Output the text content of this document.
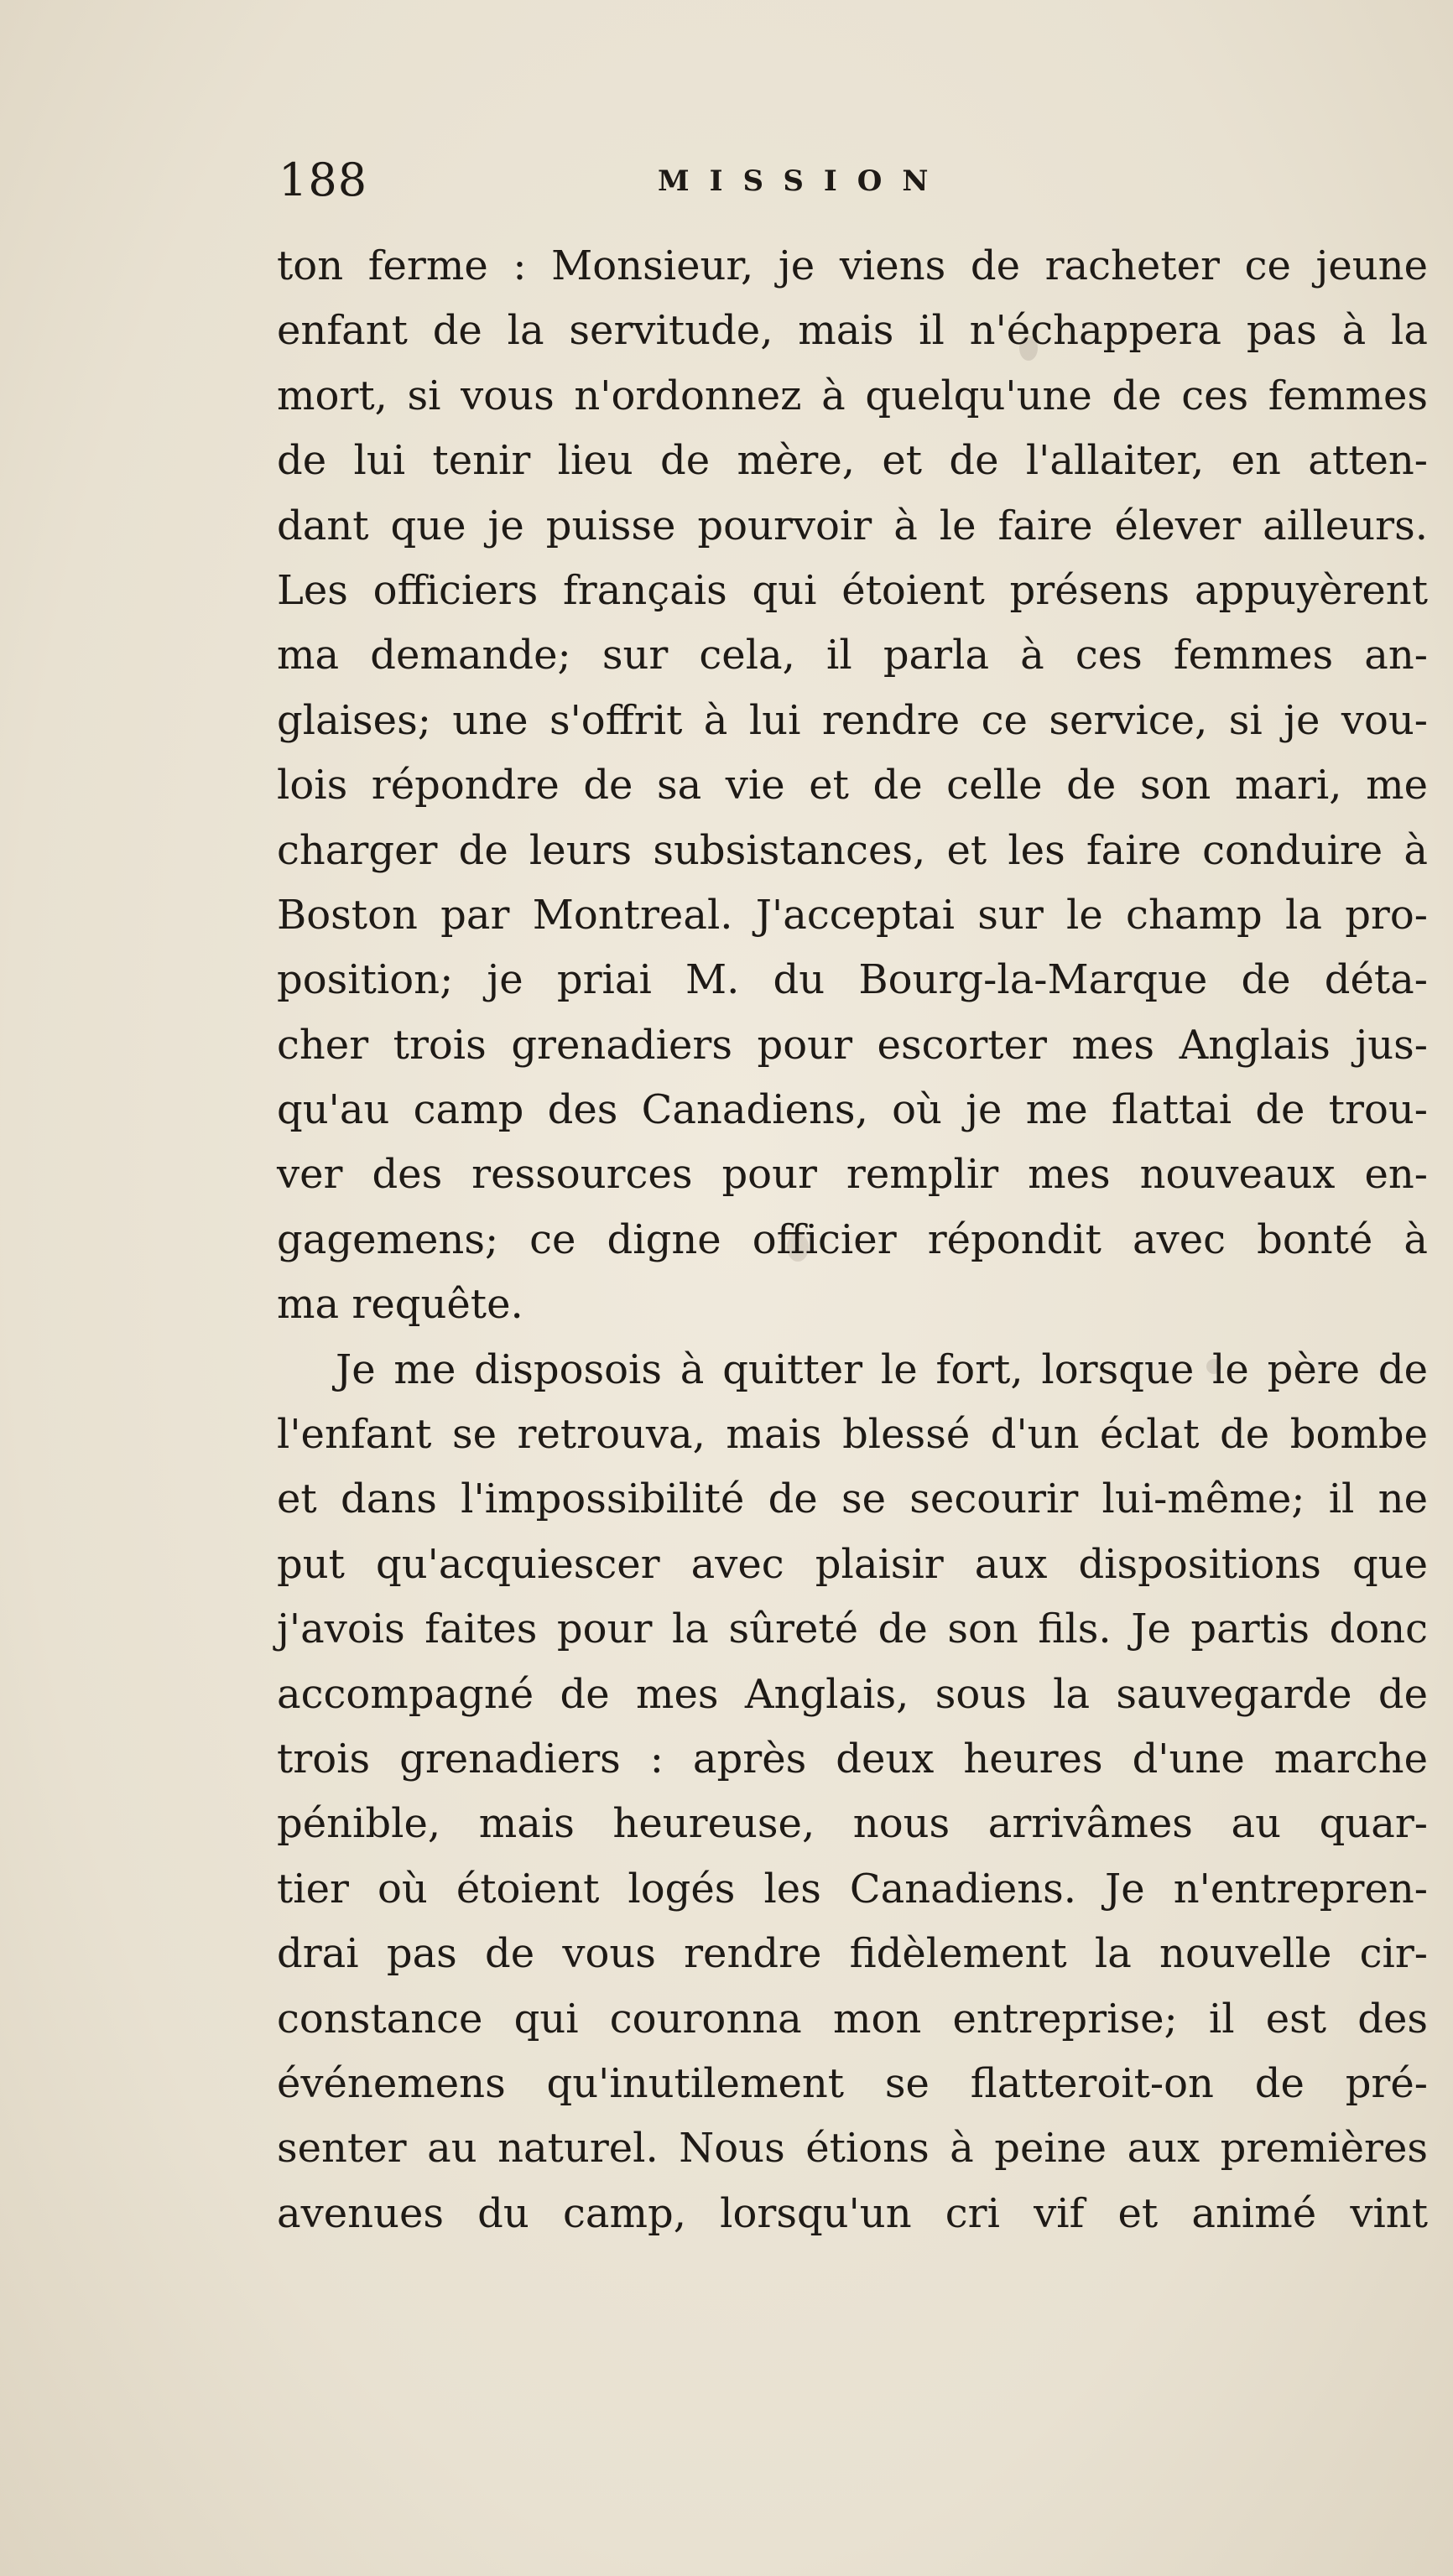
188	MISSION
ton ferme : Monsieur, je viens de racheter ce jeune
enfant de la servitude, mais il n'échappera pas à la
mort, si vous n'ordonnez à quelqu'une de ces femmes
de lui tenir lieu de mère, et de l'allaiter, en atten-
dant que je puisse pourvoir à le faire élever ailleurs.
Les officiers français qui étoient présens appuyèrent
ma demande; sur cela, il parla à ces femmes an-
glaises; une s'offrit à lui rendre ce service, si je vou-
lois répondre de sa vie et de celle de son mari, me
charger de leurs subsistances, et les faire conduire à
Boston par Montreal. J'acceptai sur le champ la pro-
position; je priai M. du Bourg-la-Marque de déta-
cher trois grenadiers pour escorter mes Anglais jus-
qu'au camp des Canadiens, où je me flattai de trou-
ver des ressources pour remplir mes nouveaux en-
gagemens; ce digne officier répondit avec bonté à
ma requête.
Je me disposois à quitter le fort, lorsque le père de
l'enfant se retrouva, mais blessé d'un éclat de bombe
et dans l'impossibilité de se secourir lui-même; il ne
put qu'acquiescer avec plaisir aux dispositions que
j'avois faites pour la sûreté de son fils. Je partis donc
accompagné de mes Anglais, sous la sauvegarde de
trois grenadiers : après deux heures d'une marche
pénible, mais heureuse, nous arrivâmes au quar-
tier où étoient logés les Canadiens. Je n'entrepren-
drai pas de vous rendre fidèlement la nouvelle cir-
constance qui couronna mon entreprise; il est des
événemens qu'inutilement se flatteroit-on de pré-
senter au naturel. Nous étions à peine aux premières
avenues du camp, lorsqu'un cri vif et animé vint
